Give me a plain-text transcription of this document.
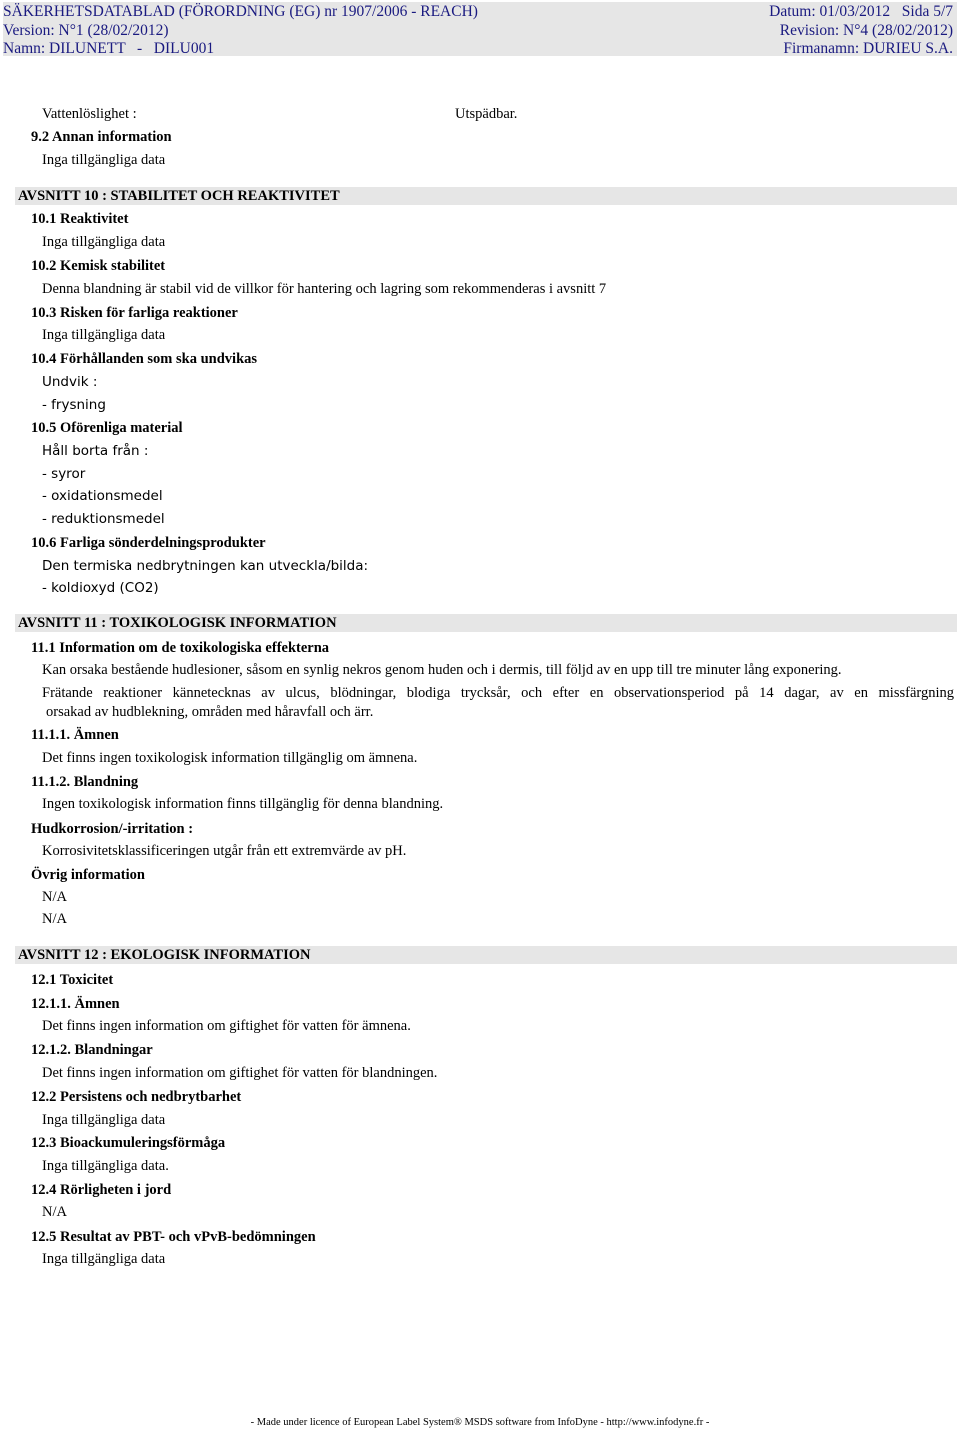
SÄKERHETSDATABLAD (FÖRORDNING (EG) nr 1907/2006 - REACH)	Datum: 01/03/2012   Sida 5/7
Version: N°1 (28/02/2012)	Revision: N°4 (28/02/2012)
Namn: DILUNETT   -   DILU001	Firmanamn: DURIEU S.A.
Vattenlöslighet :	Utspädbar.
9.2 Annan information
Inga tillgängliga data
AVSNITT 10 : STABILITET OCH REAKTIVITET
10.1 Reaktivitet
Inga tillgängliga data
10.2 Kemisk stabilitet
Denna blandning är stabil vid de villkor för hantering och lagring som rekommenderas i avsnitt 7
10.3 Risken för farliga reaktioner
Inga tillgängliga data
10.4 Förhållanden som ska undvikas
Undvik :
- frysning
10.5 Oförenliga material
Håll borta från :
- syror
- oxidationsmedel
- reduktionsmedel
10.6 Farliga sönderdelningsprodukter
Den termiska nedbrytningen kan utveckla/bilda:
- koldioxyd (CO2)
AVSNITT 11 : TOXIKOLOGISK INFORMATION
11.1 Information om de toxikologiska effekterna
Kan orsaka bestående hudlesioner, såsom en synlig nekros genom huden och i dermis, till följd av en upp till tre minuter lång exponering.
Frätande reaktioner kännetecknas av ulcus, blödningar, blodiga trycksår, och efter en observationsperiod på 14 dagar, av en missfärgning
orsakad av hudblekning, områden med håravfall och ärr.
11.1.1. Ämnen
Det finns ingen toxikologisk information tillgänglig om ämnena.
11.1.2. Blandning
Ingen toxikologisk information finns tillgänglig för denna blandning.
Hudkorrosion/-irritation :
Korrosivitetsklassificeringen utgår från ett extremvärde av pH.
Övrig information
N/A
N/A
AVSNITT 12 : EKOLOGISK INFORMATION
12.1 Toxicitet
12.1.1. Ämnen
Det finns ingen information om giftighet för vatten för ämnena.
12.1.2. Blandningar
Det finns ingen information om giftighet för vatten för blandningen.
12.2 Persistens och nedbrytbarhet
Inga tillgängliga data
12.3 Bioackumuleringsförmåga
Inga tillgängliga data.
12.4 Rörligheten i jord
N/A
12.5 Resultat av PBT- och vPvB-bedömningen
Inga tillgängliga data
- Made under licence of European Label System® MSDS software from InfoDyne - http://www.infodyne.fr -
